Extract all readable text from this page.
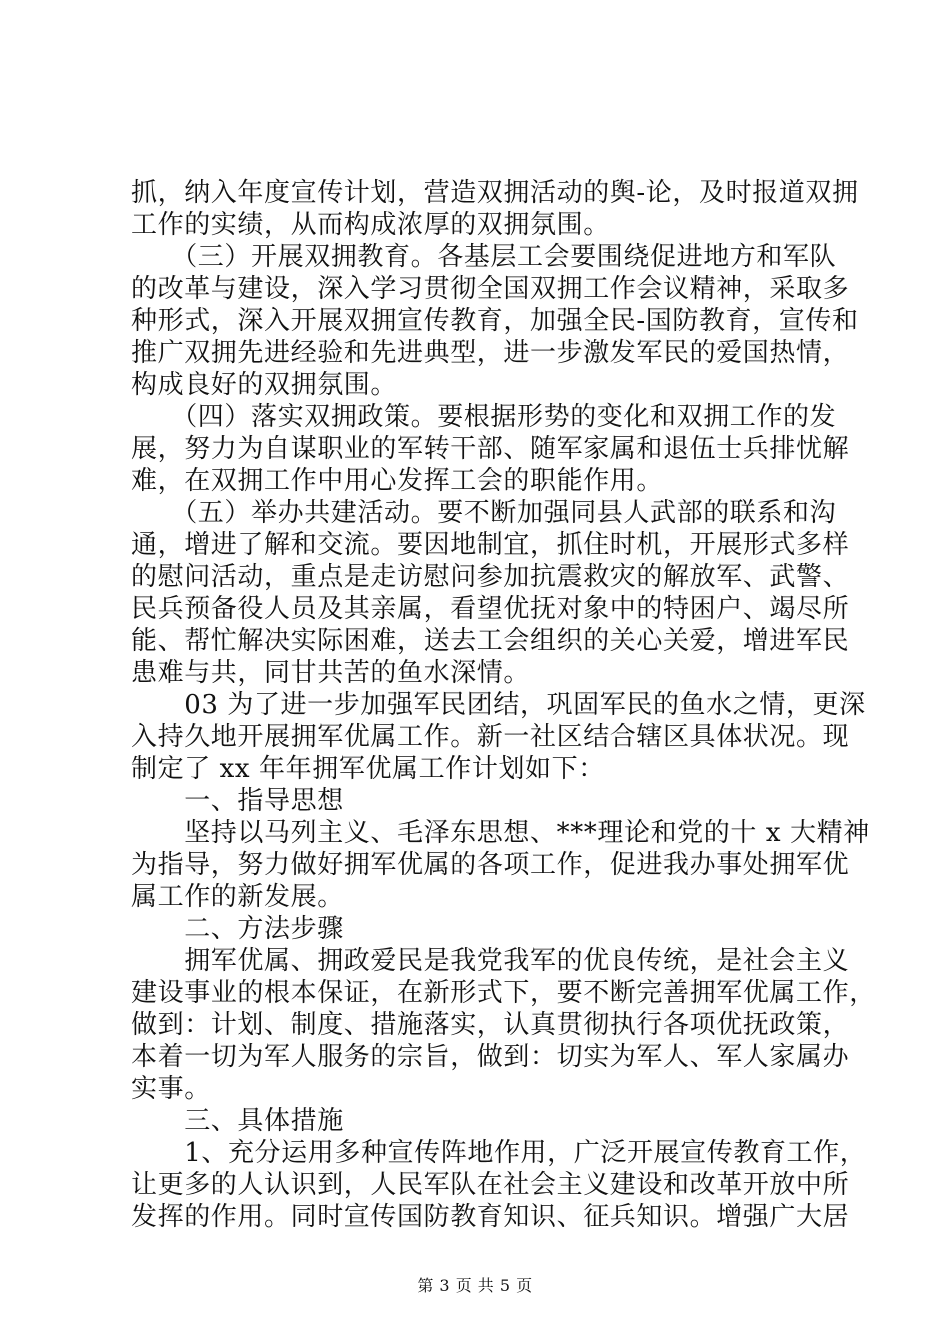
抓，纳入年度宣传计划，营造双拥活动的舆-论，及时报道双拥
工作的实绩，从而构成浓厚的双拥氛围。
　　（三）开展双拥教育。各基层工会要围绕促进地方和军队
的改革与建设，深入学习贯彻全国双拥工作会议精神，采取多
种形式，深入开展双拥宣传教育，加强全民-国防教育，宣传和
推广双拥先进经验和先进典型，进一步激发军民的爱国热情，
构成良好的双拥氛围。
　　（四）落实双拥政策。要根据形势的变化和双拥工作的发
展，努力为自谋职业的军转干部、随军家属和退伍士兵排忧解
难，在双拥工作中用心发挥工会的职能作用。
　　（五）举办共建活动。要不断加强同县人武部的联系和沟
通，增进了解和交流。要因地制宜，抓住时机，开展形式多样
的慰问活动，重点是走访慰问参加抗震救灾的解放军、武警、
民兵预备役人员及其亲属，看望优抚对象中的特困户、竭尽所
能、帮忙解决实际困难，送去工会组织的关心关爱，增进军民
患难与共，同甘共苦的鱼水深情。
　　03 为了进一步加强军民团结，巩固军民的鱼水之情，更深
入持久地开展拥军优属工作。新一社区结合辖区具体状况。现
制定了 xx 年年拥军优属工作计划如下：
　　一、指导思想
　　坚持以马列主义、毛泽东思想、***理论和党的十 x 大精神
为指导，努力做好拥军优属的各项工作，促进我办事处拥军优
属工作的新发展。
　　二、方法步骤
　　拥军优属、拥政爱民是我党我军的优良传统，是社会主义
建设事业的根本保证，在新形式下，要不断完善拥军优属工作，
做到：计划、制度、措施落实，认真贯彻执行各项优抚政策，
本着一切为军人服务的宗旨，做到：切实为军人、军人家属办
实事。
　　三、具体措施
　　1、充分运用多种宣传阵地作用，广泛开展宣传教育工作，
让更多的人认识到，人民军队在社会主义建设和改革开放中所
发挥的作用。同时宣传国防教育知识、征兵知识。增强广大居
第 3 页 共 5 页
